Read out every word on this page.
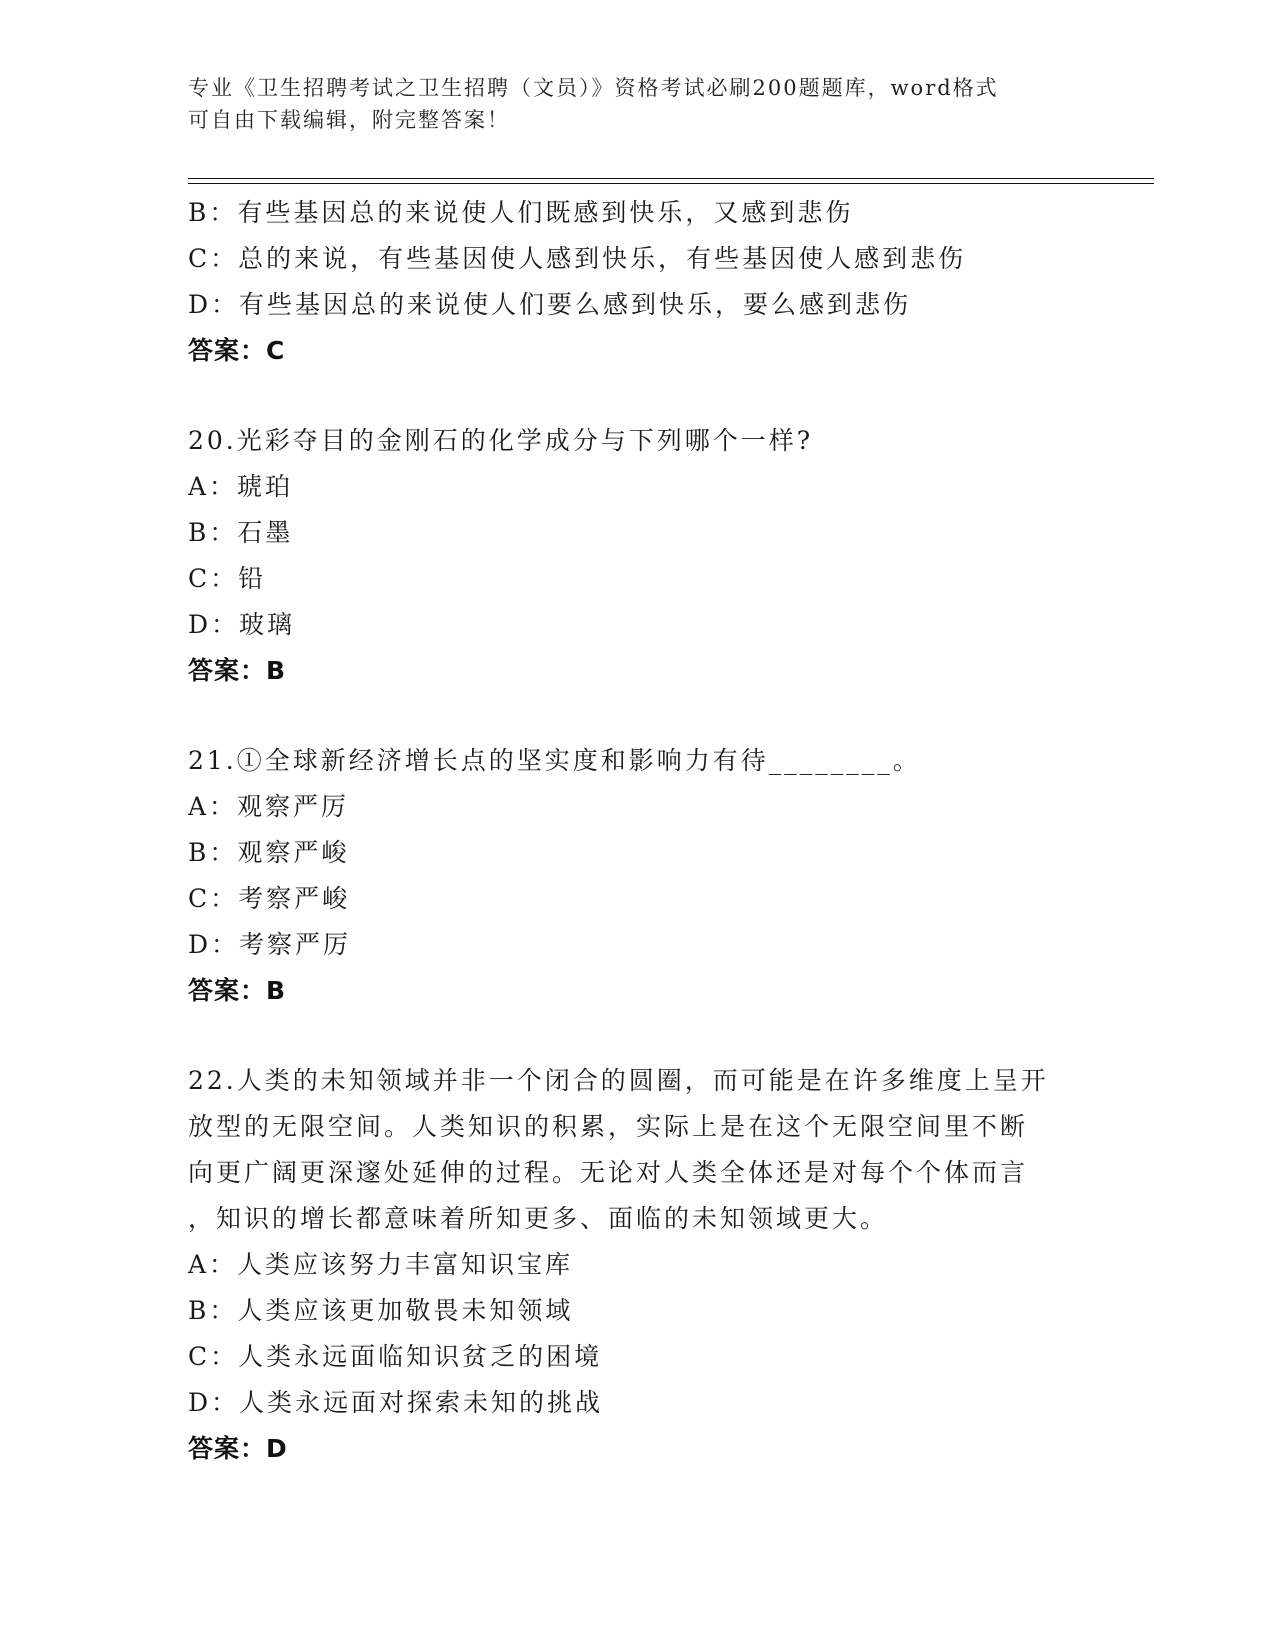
专业《卫生招聘考试之卫生招聘（文员）》资格考试必刷200题题库，word格式
可自由下载编辑，附完整答案！
B：有些基因总的来说使人们既感到快乐，又感到悲伤
C：总的来说，有些基因使人感到快乐，有些基因使人感到悲伤
D：有些基因总的来说使人们要么感到快乐，要么感到悲伤
答案：C
20.光彩夺目的金刚石的化学成分与下列哪个一样?
A：琥珀
B：石墨
C：铅
D：玻璃
答案：B
21.①全球新经济增长点的坚实度和影响力有待________。
A：观察严厉
B：观察严峻
C：考察严峻
D：考察严厉
答案：B
22.人类的未知领域并非一个闭合的圆圈，而可能是在许多维度上呈开
放型的无限空间。人类知识的积累，实际上是在这个无限空间里不断
向更广阔更深邃处延伸的过程。无论对人类全体还是对每个个体而言
，知识的增长都意味着所知更多、面临的未知领域更大。
A：人类应该努力丰富知识宝库
B：人类应该更加敬畏未知领域
C：人类永远面临知识贫乏的困境
D：人类永远面对探索未知的挑战
答案：D
